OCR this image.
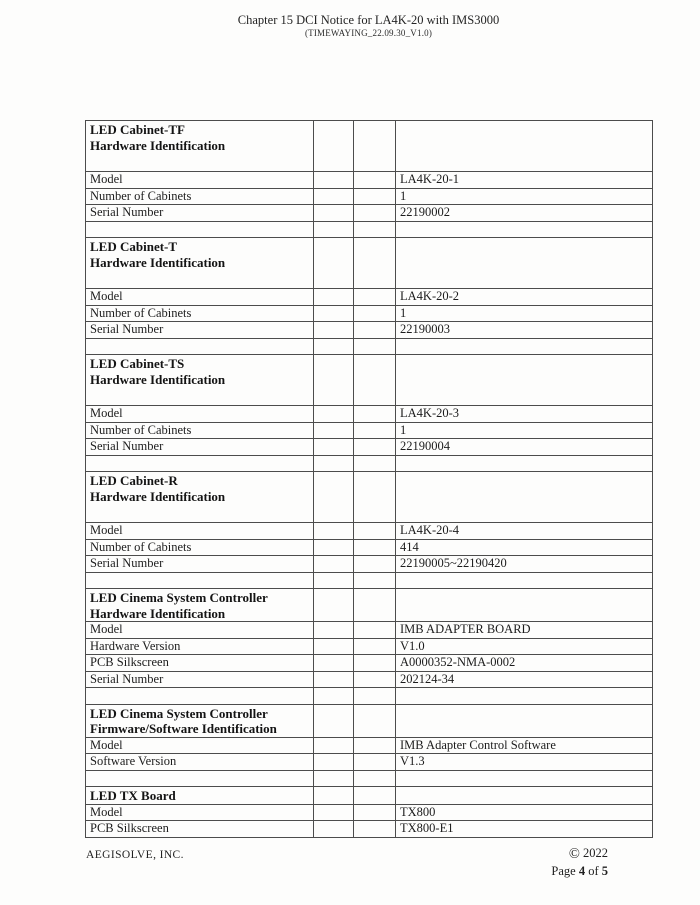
Chapter 15 DCI Notice for LA4K-20 with IMS3000
(TIMEWAYING_22.09.30_V1.0)
LED Cabinet-TF
Hardware Identification			

Model			LA4K-20-1
Number of Cabinets			1
Serial Number			22190002

LED Cabinet-T
Hardware Identification			

Model			LA4K-20-2
Number of Cabinets			1
Serial Number			22190003

LED Cabinet-TS
Hardware Identification			

Model			LA4K-20-3
Number of Cabinets			1
Serial Number			22190004

LED Cabinet-R
Hardware Identification			

Model			LA4K-20-4
Number of Cabinets			414
Serial Number			22190005~22190420

LED Cinema System Controller
Hardware Identification			

Model			IMB ADAPTER BOARD
Hardware Version			V1.0
PCB Silkscreen			A0000352-NMA-0002
Serial Number			202124-34

LED Cinema System Controller
Firmware/Software Identification			

Model			IMB Adapter Control Software
Software Version			V1.3

LED TX Board			

Model			TX800
PCB Silkscreen			TX800-E1
AEGISOLVE, INC.	© 2022
Page 4 of 5
